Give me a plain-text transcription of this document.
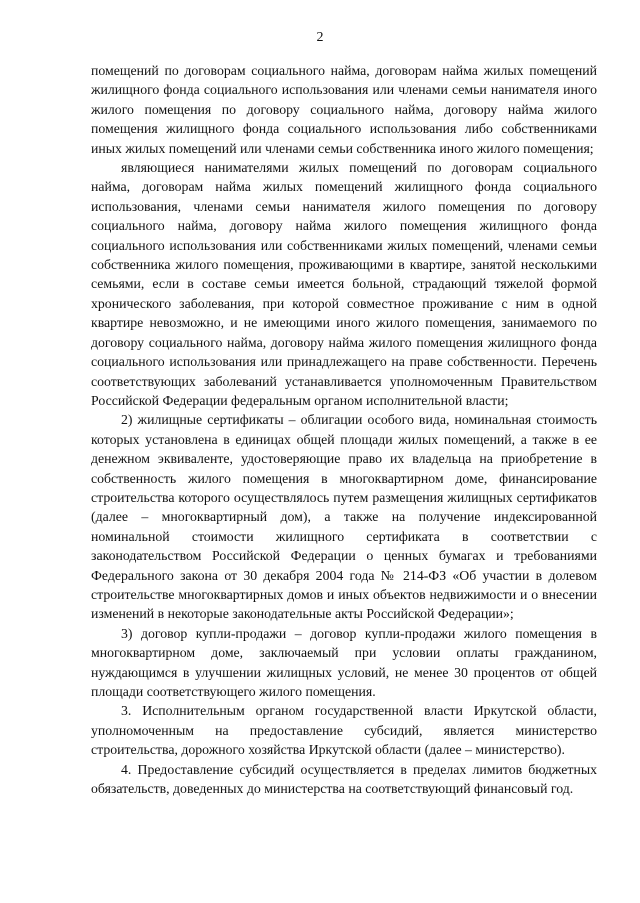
2

помещений по договорам социального найма, договорам найма жилых помещений жилищного фонда социального использования или членами семьи нанимателя иного жилого помещения по договору социального найма, договору найма жилого помещения жилищного фонда социального использования либо собственниками иных жилых помещений или членами семьи собственника иного жилого помещения;

являющиеся нанимателями жилых помещений по договорам социального найма, договорам найма жилых помещений жилищного фонда социального использования, членами семьи нанимателя жилого помещения по договору социального найма, договору найма жилого помещения жилищного фонда социального использования или собственниками жилых помещений, членами семьи собственника жилого помещения, проживающими в квартире, занятой несколькими семьями, если в составе семьи имеется больной, страдающий тяжелой формой хронического заболевания, при которой совместное проживание с ним в одной квартире невозможно, и не имеющими иного жилого помещения, занимаемого по договору социального найма, договору найма жилого помещения жилищного фонда социального использования или принадлежащего на праве собственности. Перечень соответствующих заболеваний устанавливается уполномоченным Правительством Российской Федерации федеральным органом исполнительной власти;

2) жилищные сертификаты – облигации особого вида, номинальная стоимость которых установлена в единицах общей площади жилых помещений, а также в ее денежном эквиваленте, удостоверяющие право их владельца на приобретение в собственность жилого помещения в многоквартирном доме, финансирование строительства которого осуществлялось путем размещения жилищных сертификатов (далее – многоквартирный дом), а также на получение индексированной номинальной стоимости жилищного сертификата в соответствии с законодательством Российской Федерации о ценных бумагах и требованиями Федерального закона от 30 декабря 2004 года № 214-ФЗ «Об участии в долевом строительстве многоквартирных домов и иных объектов недвижимости и о внесении изменений в некоторые законодательные акты Российской Федерации»;

3) договор купли-продажи – договор купли-продажи жилого помещения в многоквартирном доме, заключаемый при условии оплаты гражданином, нуждающимся в улучшении жилищных условий, не менее 30 процентов от общей площади соответствующего жилого помещения.

3. Исполнительным органом государственной власти Иркутской области, уполномоченным на предоставление субсидий, является министерство строительства, дорожного хозяйства Иркутской области (далее – министерство).

4. Предоставление субсидий осуществляется в пределах лимитов бюджетных обязательств, доведенных до министерства на соответствующий финансовый год.
